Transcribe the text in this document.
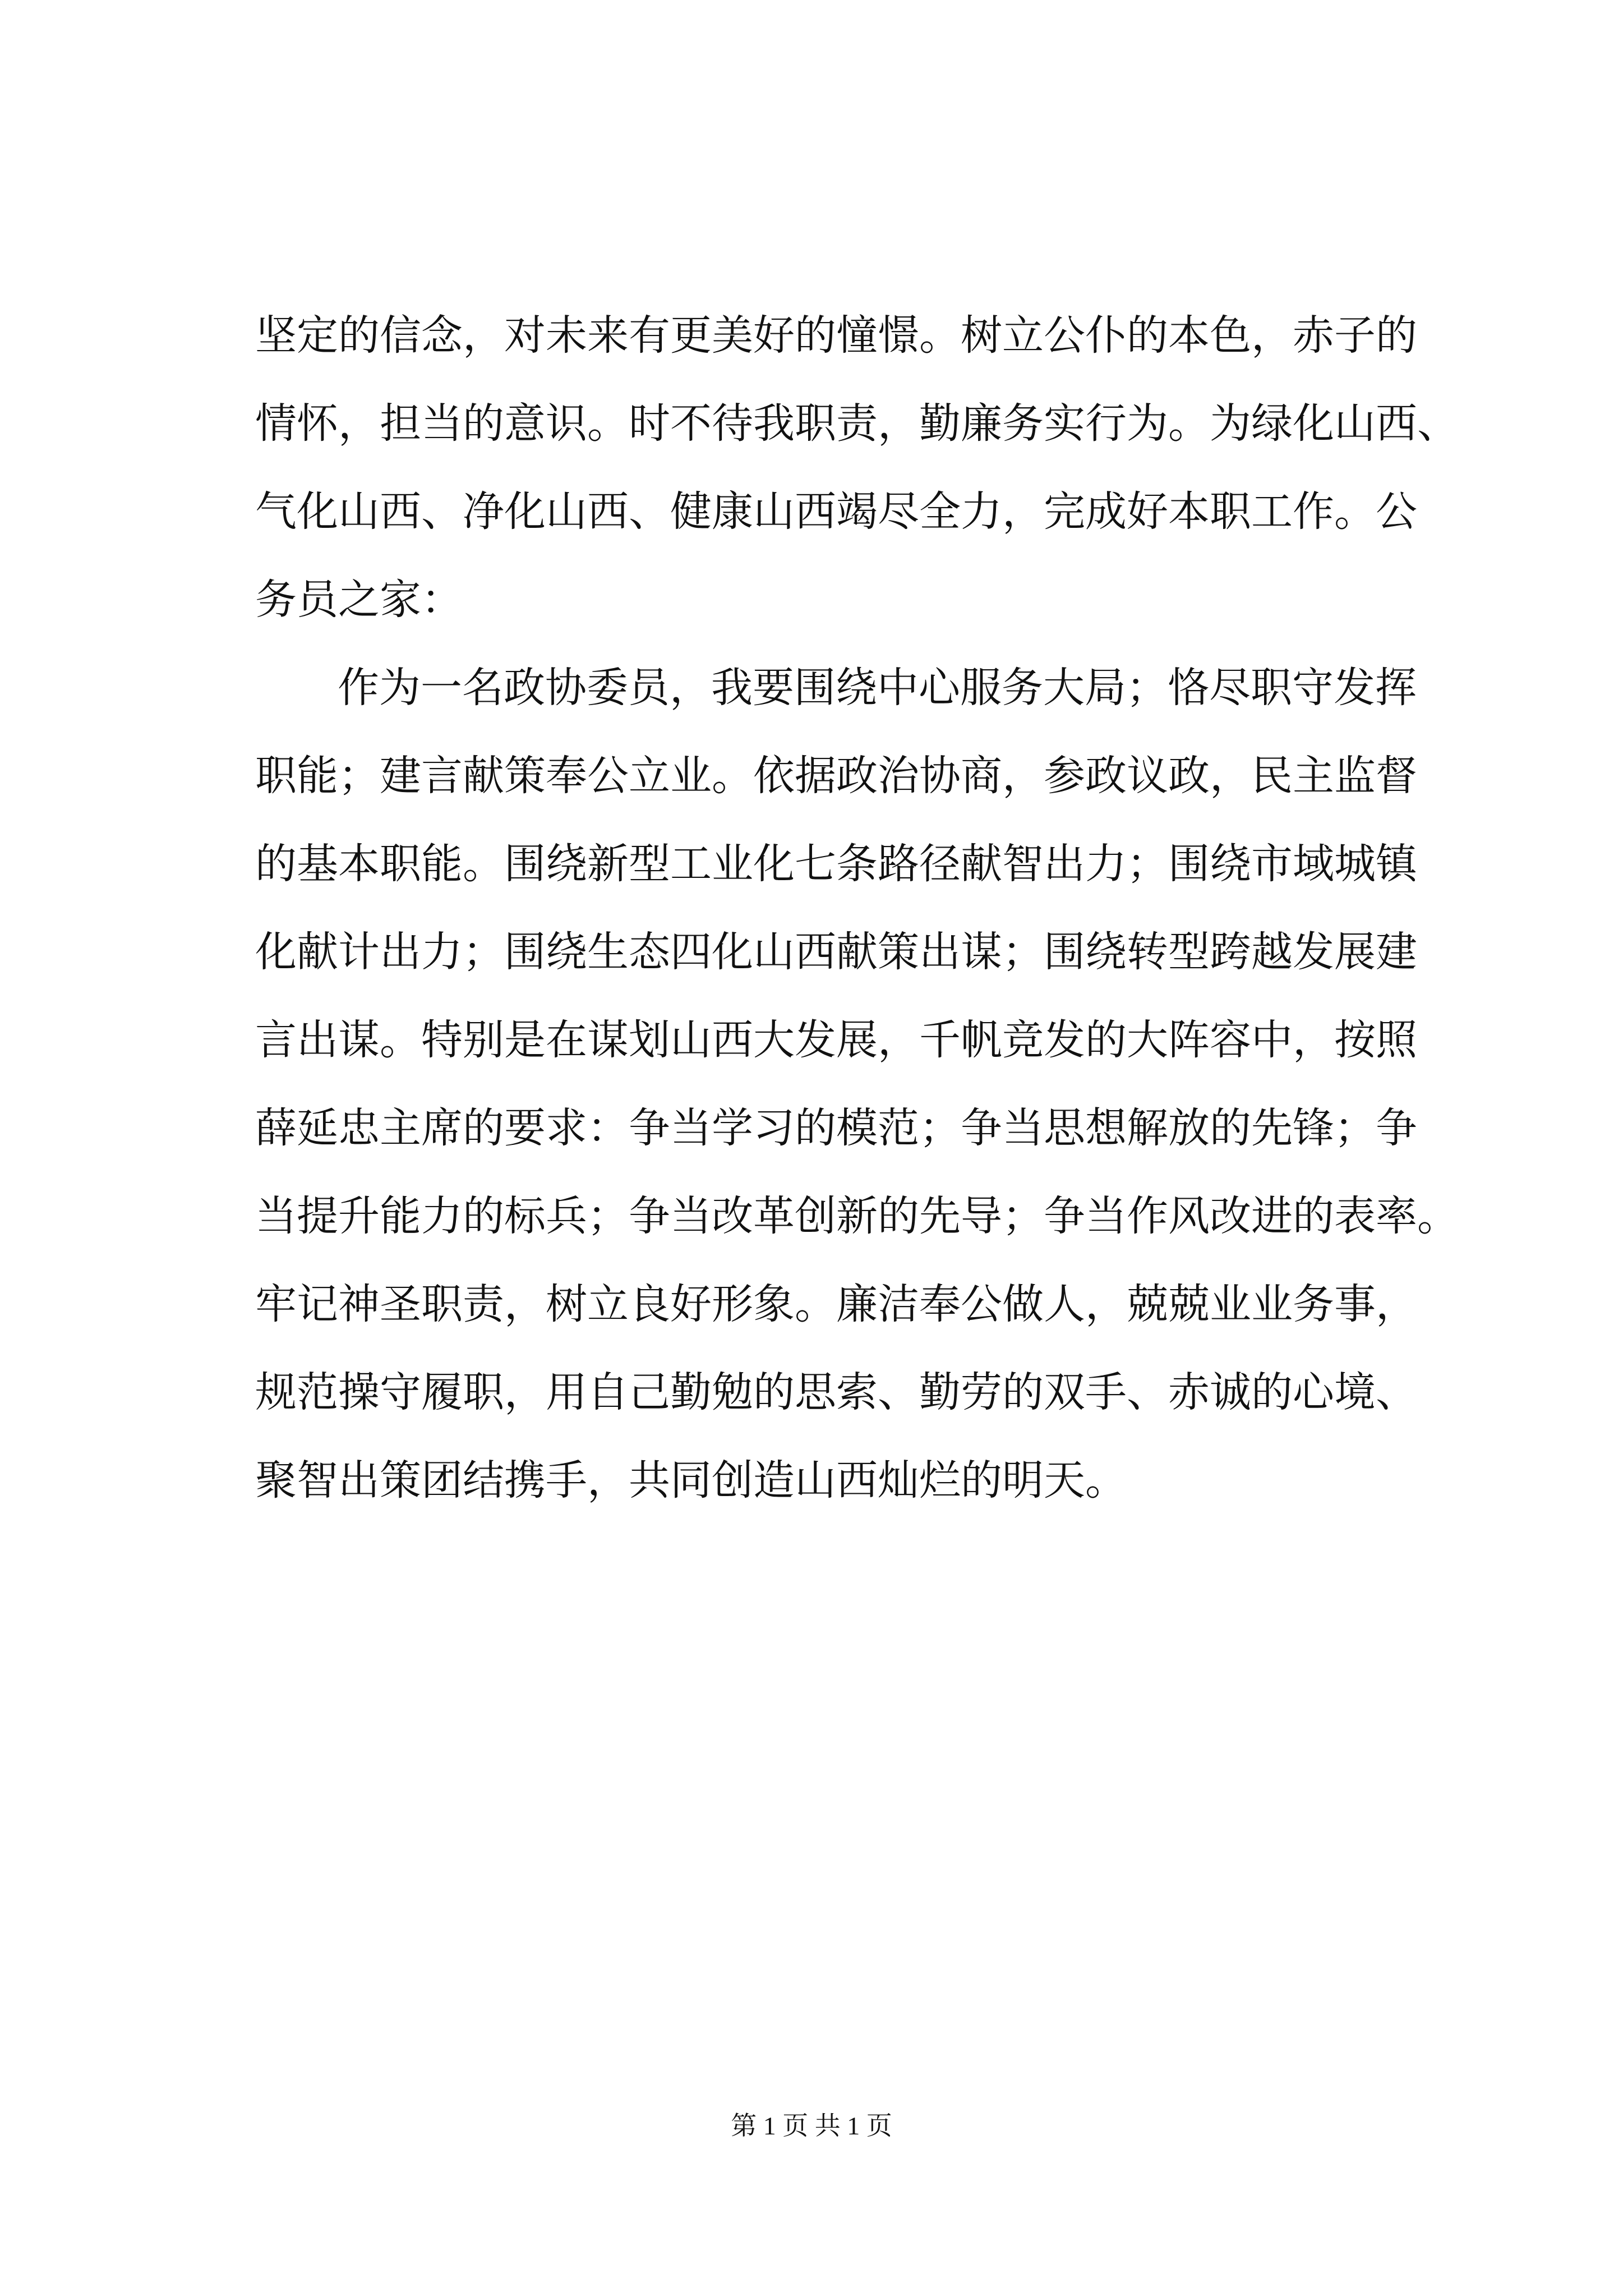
坚定的信念，对未来有更美好的憧憬。树立公仆的本色，赤子的
情怀，担当的意识。时不待我职责，勤廉务实行为。为绿化山西、
气化山西、净化山西、健康山西竭尽全力，完成好本职工作。公
务员之家：
作为一名政协委员，我要围绕中心服务大局；恪尽职守发挥
职能；建言献策奉公立业。依据政治协商，参政议政，民主监督
的基本职能。围绕新型工业化七条路径献智出力；围绕市域城镇
化献计出力；围绕生态四化山西献策出谋；围绕转型跨越发展建
言出谋。特别是在谋划山西大发展，千帆竞发的大阵容中，按照
薛延忠主席的要求：争当学习的模范；争当思想解放的先锋；争
当提升能力的标兵；争当改革创新的先导；争当作风改进的表率。
牢记神圣职责，树立良好形象。廉洁奉公做人，兢兢业业务事，
规范操守履职，用自己勤勉的思索、勤劳的双手、赤诚的心境、
聚智出策团结携手，共同创造山西灿烂的明天。
第 1 页 共 1 页
